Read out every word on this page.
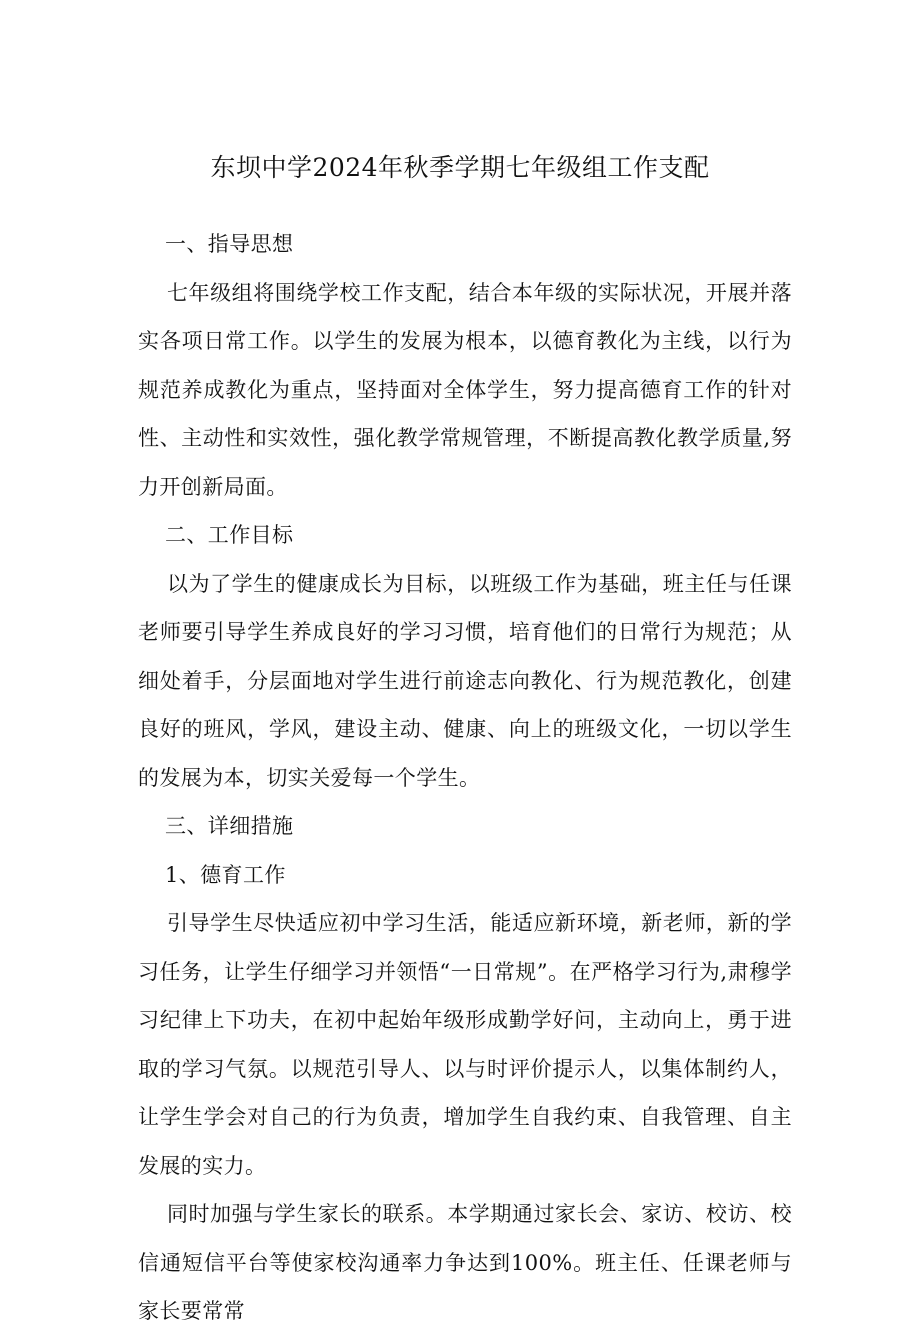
东坝中学2024年秋季学期七年级组工作支配

一、指导思想

七年级组将围绕学校工作支配，结合本年级的实际状况，开展并落实各项日常工作。以学生的发展为根本，以德育教化为主线，以行为规范养成教化为重点，坚持面对全体学生，努力提高德育工作的针对性、主动性和实效性，强化教学常规管理，不断提高教化教学质量,努力开创新局面。

二、工作目标

以为了学生的健康成长为目标，以班级工作为基础，班主任与任课老师要引导学生养成良好的学习习惯，培育他们的日常行为规范；从细处着手，分层面地对学生进行前途志向教化、行为规范教化，创建良好的班风，学风，建设主动、健康、向上的班级文化，一切以学生的发展为本，切实关爱每一个学生。

三、详细措施

1、德育工作

引导学生尽快适应初中学习生活，能适应新环境，新老师，新的学习任务，让学生仔细学习并领悟“一日常规”。在严格学习行为,肃穆学习纪律上下功夫，在初中起始年级形成勤学好问，主动向上，勇于进取的学习气氛。以规范引导人、以与时评价提示人，以集体制约人，让学生学会对自己的行为负责，增加学生自我约束、自我管理、自主发展的实力。

同时加强与学生家长的联系。本学期通过家长会、家访、校访、校信通短信平台等使家校沟通率力争达到100%。班主任、任课老师与家长要常常
